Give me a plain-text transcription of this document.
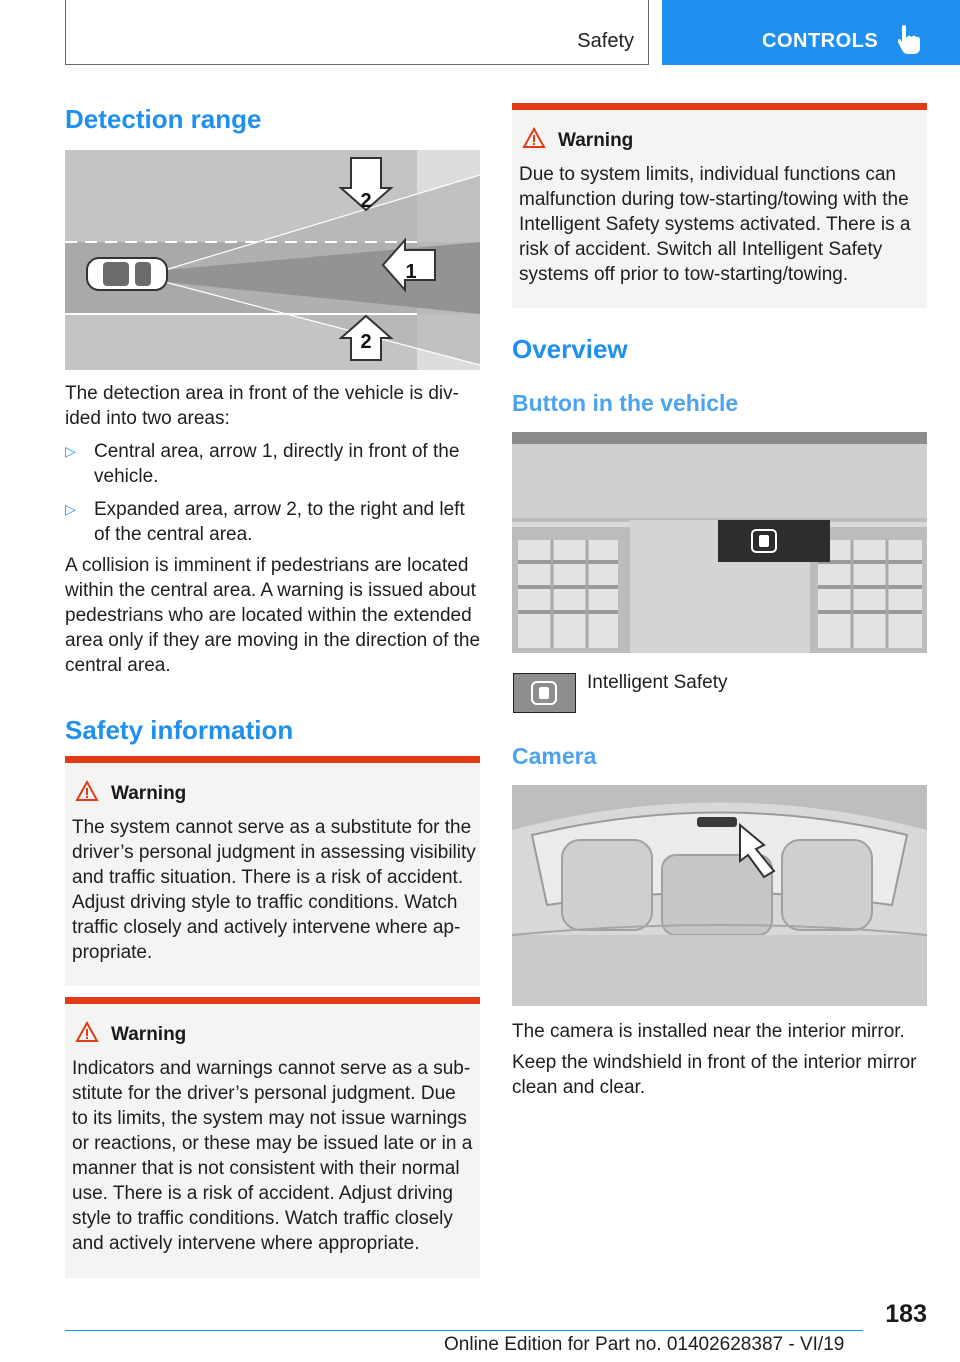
Safety	CONTROLS
Detection range
2
1
2
The detection area in front of the vehicle is div-
ided into two areas:
▷ Central area, arrow 1, directly in front of the
vehicle.
▷ Expanded area, arrow 2, to the right and left
of the central area.
A collision is imminent if pedestrians are located
within the central area. A warning is issued about
pedestrians who are located within the extended
area only if they are moving in the direction of the
central area.
Safety information
Warning
The system cannot serve as a substitute for the
driver’s personal judgment in assessing visibility
and traffic situation. There is a risk of accident.
Adjust driving style to traffic conditions. Watch
traffic closely and actively intervene where ap-
propriate.
Warning
Indicators and warnings cannot serve as a sub-
stitute for the driver’s personal judgment. Due
to its limits, the system may not issue warnings
or reactions, or these may be issued late or in a
manner that is not consistent with their normal
use. There is a risk of accident. Adjust driving
style to traffic conditions. Watch traffic closely
and actively intervene where appropriate.
Warning
Due to system limits, individual functions can
malfunction during tow-starting/towing with the
Intelligent Safety systems activated. There is a
risk of accident. Switch all Intelligent Safety
systems off prior to tow-starting/towing.
Overview
Button in the vehicle
Intelligent Safety
Camera
The camera is installed near the interior mirror.
Keep the windshield in front of the interior mirror
clean and clear.
183
Online Edition for Part no. 01402628387 - VI/19
